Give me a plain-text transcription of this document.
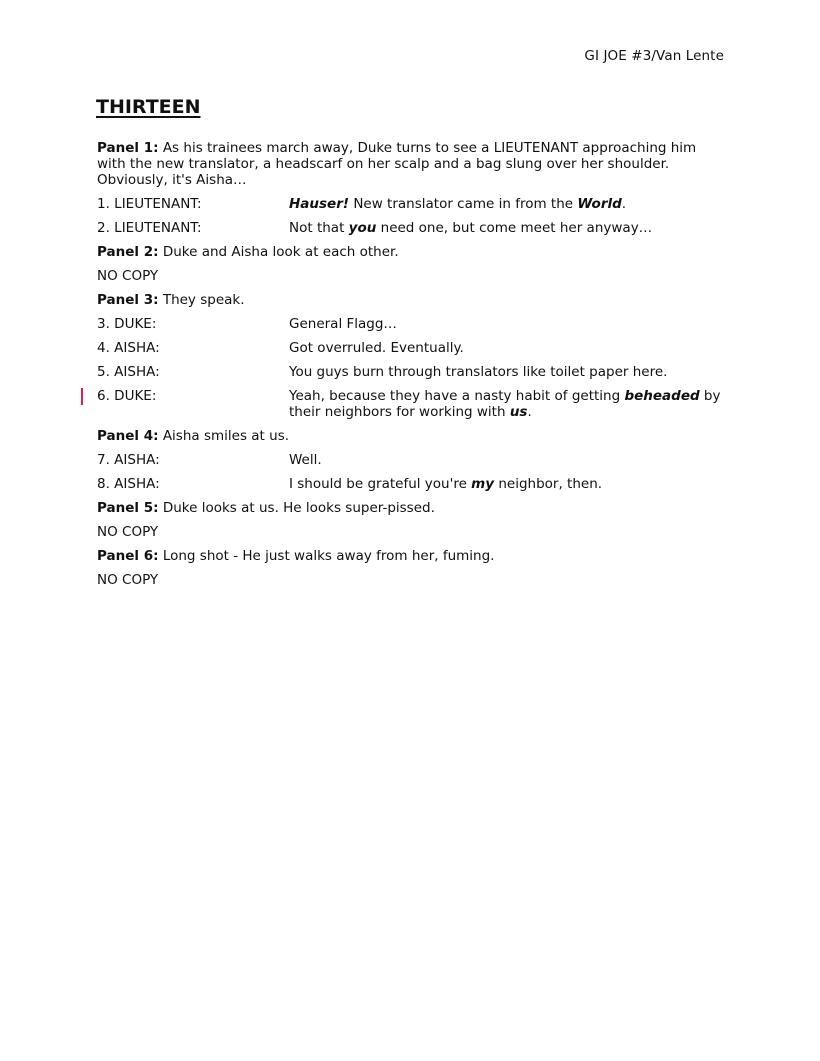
GI JOE #3/Van Lente
THIRTEEN

Panel 1: As his trainees march away, Duke turns to see a LIEUTENANT approaching him with the new translator, a headscarf on her scalp and a bag slung over her shoulder. Obviously, it's Aisha…

1. LIEUTENANT:	Hauser! New translator came in from the World.
2. LIEUTENANT:	Not that you need one, but come meet her anyway…

Panel 2: Duke and Aisha look at each other.

NO COPY

Panel 3: They speak.

3. DUKE:	General Flagg…
4. AISHA:	Got overruled. Eventually.
5. AISHA:	You guys burn through translators like toilet paper here.
6. DUKE:	Yeah, because they have a nasty habit of getting beheaded by their neighbors for working with us.

Panel 4: Aisha smiles at us.

7. AISHA:	Well.
8. AISHA:	I should be grateful you're my neighbor, then.

Panel 5: Duke looks at us. He looks super-pissed.

NO COPY

Panel 6: Long shot - He just walks away from her, fuming.

NO COPY
